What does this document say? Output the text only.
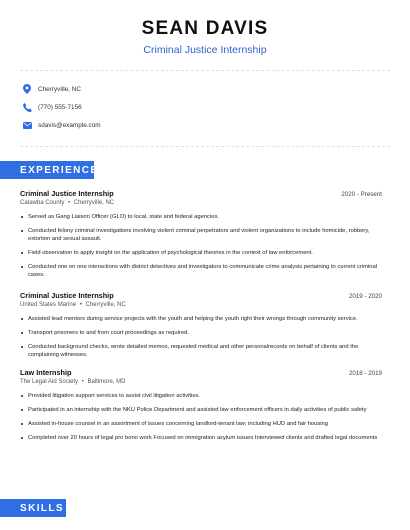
SEAN DAVIS
Criminal Justice Internship
Cherryville, NC
(770) 555-7156
sdavis@example.com
EXPERIENCE
Criminal Justice Internship	2020 - Present
Catawba County • Cherryville, NC
Served as Gang Liaison Officer (GLO) to local, state and federal agencies.
Conducted felony criminal investigations involving violent criminal perpetrators and violent organizations to include homicide, robbery, extortion and sexual assault.
Field observation to apply insight on the application of psychological theories in the context of law enforcement.
Conducted one on one interactions with district detectives and investigators to communicate crime analysis pertaining to current criminal cases.
Criminal Justice Internship	2019 - 2020
United States Marine • Cherryville, NC
Assisted lead mentors during service projects with the youth and helping the youth right their wrongs through community service.
Transport prisoners to and from court proceedings as required.
Conducted background checks, wrote detailed memos, requested medical and other personalrecords on behalf of clients and the complaining witnesses.
Law Internship	2018 - 2019
The Legal Aid Society • Baltimore, MD
Provided litigation support services to assist civil litigation activities.
Participated in an internship with the NKU Police Department and assisted law enforcement officers in daily activities of public safety
Assisted in-house counsel in an assortment of issues concerning landlord-tenant law; including HUD and fair housing
Completed over 20 hours of legal pro bono work Focused on immigration asylum issues Interviewed clients and drafted legal documents
SKILLS
